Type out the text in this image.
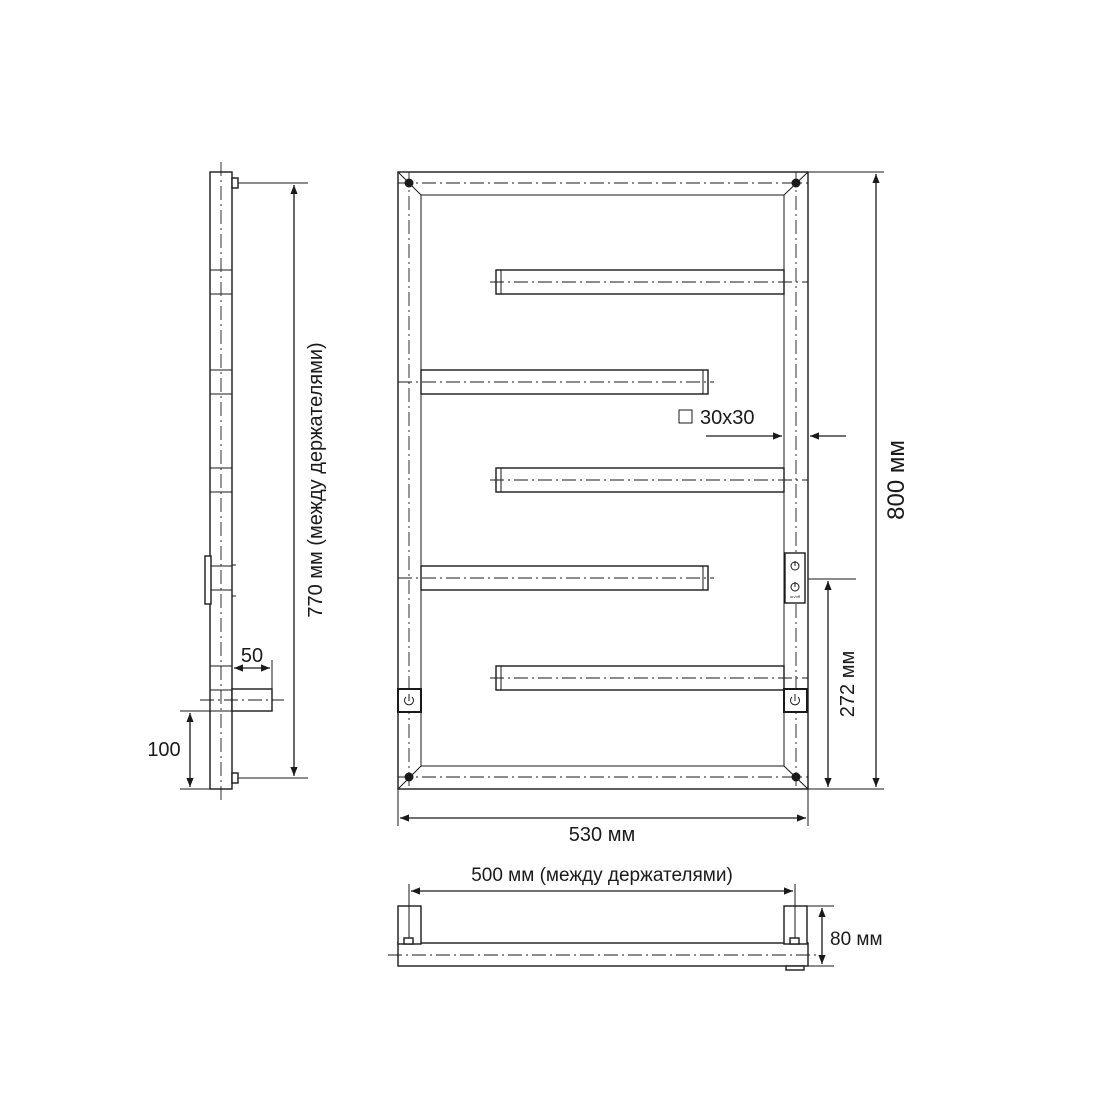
770 мм (между держателями)
50
100
on/off
30x30
800 мм
272 мм
530 мм
500 мм (между держателями)
80 мм
